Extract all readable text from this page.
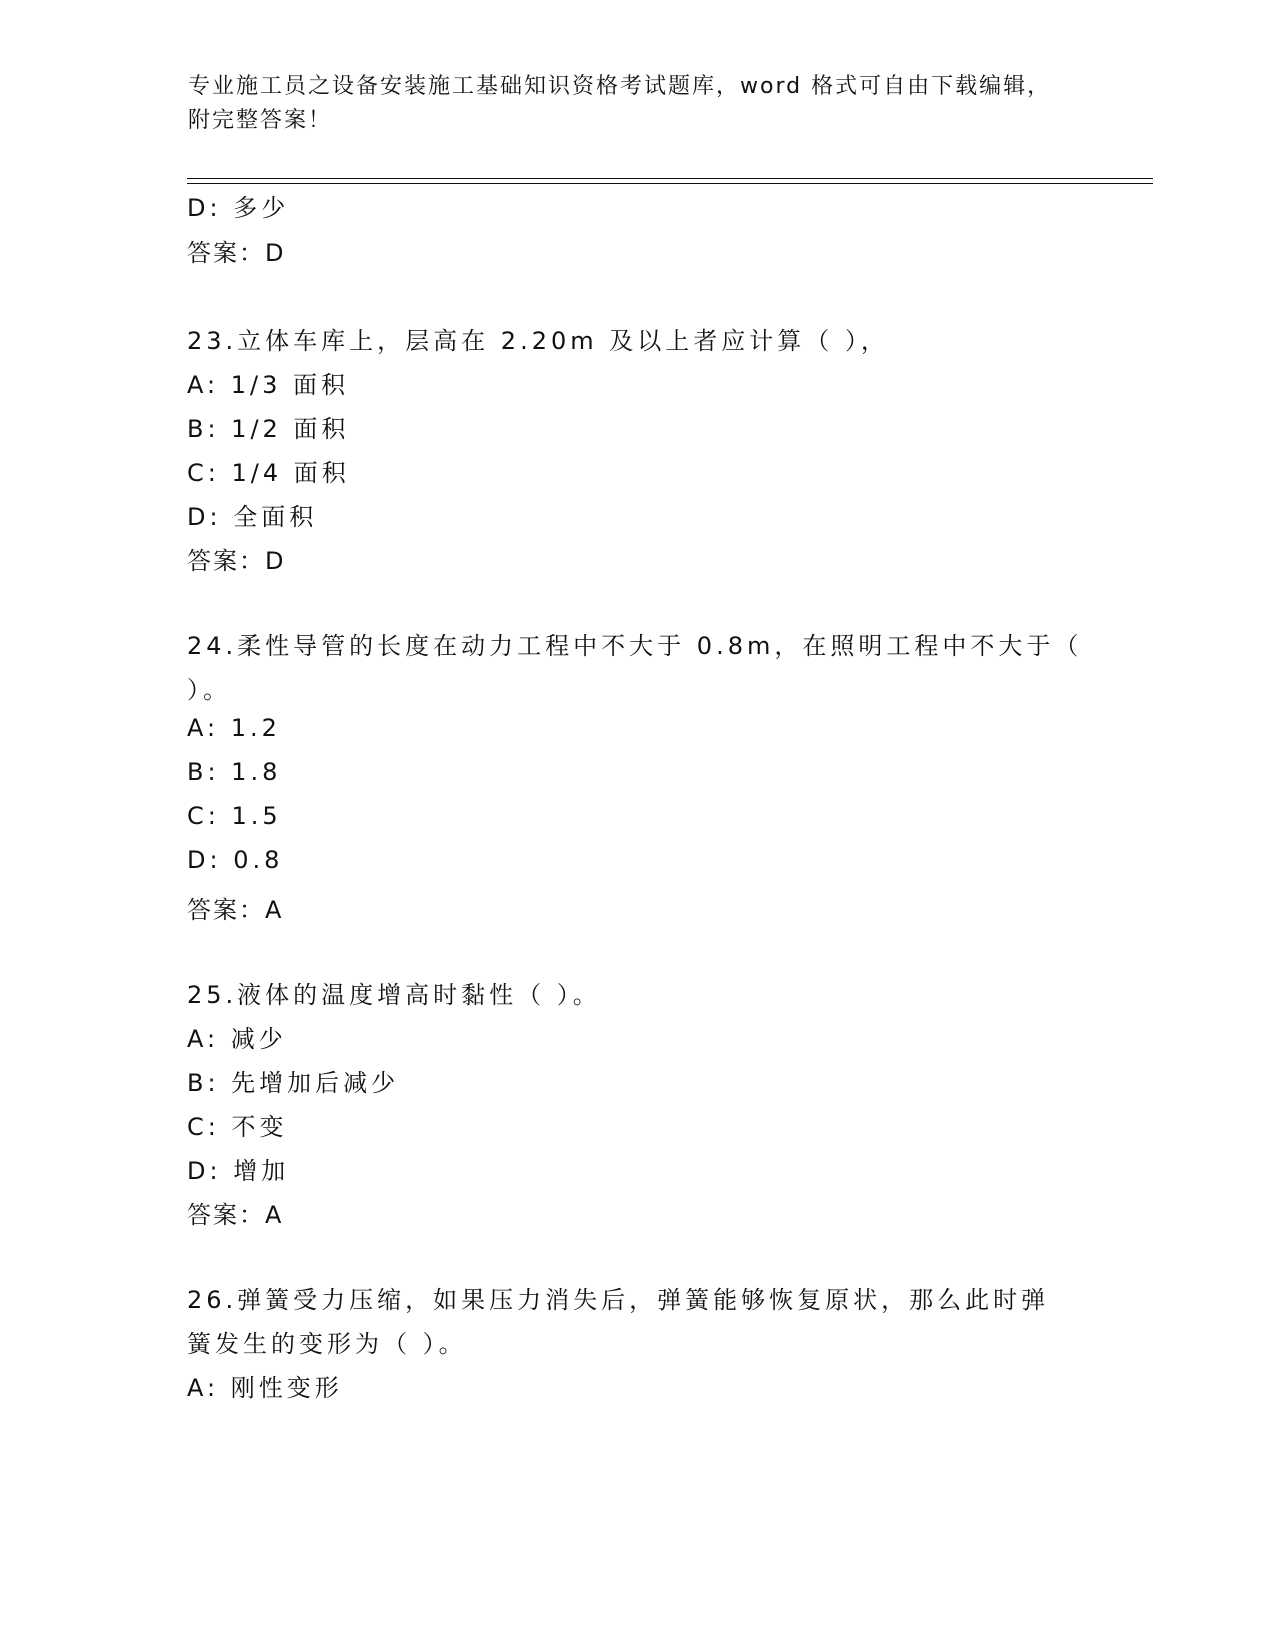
专业施工员之设备安装施工基础知识资格考试题库，word 格式可自由下载编辑，
附完整答案！
D: 多少
答案：D
23.立体车库上，层高在 2.20m 及以上者应计算（ ），
A: 1/3 面积
B: 1/2 面积
C: 1/4 面积
D: 全面积
答案：D
24.柔性导管的长度在动力工程中不大于 0.8m，在照明工程中不大于（
）。
A: 1.2
B: 1.8
C: 1.5
D: 0.8
答案：A
25.液体的温度增高时黏性（ ）。
A: 减少
B: 先增加后减少
C: 不变
D: 增加
答案：A
26.弹簧受力压缩，如果压力消失后，弹簧能够恢复原状，那么此时弹
簧发生的变形为（ ）。
A: 刚性变形
